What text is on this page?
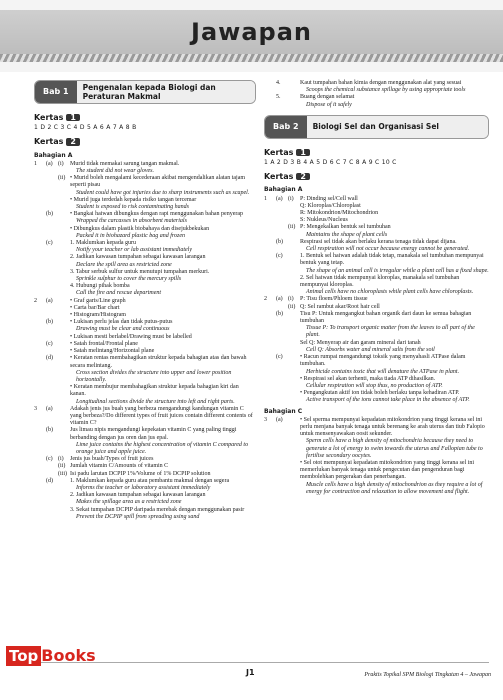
Jawapan
Bab 1	Pengenalan kepada Biologi dan Peraturan Makmal
Kertas 1
1 D 2 C 3 C 4 D 5 A 6 A 7 A 8 B
Kertas 2
Bahagian A
1	(a) (i)	Murid tidak memakai sarung tangan makmal.
The student did not wear gloves.
(ii) • Murid boleh mengalami kecederaan akibat mengendalikan alatan tajam seperti pisau
Student could have got injuries due to sharp instruments such as scapel.
• Murid juga terdedah kepada risiko tangan tercemar
Student is exposed to risk contaminating hands
(b)	• Bangkai haiwan dibungkus dengan rapi menggunakan bahan penyerap
Wrapped the carcasses in absorbent materials
• Dibungkus dalam plastik biobahaya dan disejukbekukan
Packed it in biohazard plastic bag and frozen
(c)	1. Maklumkan kepada guru
Notify your teacher or lab assistant immediately
2. Jadikan kawasan tumpahan sebagai kawasan larangan
Declare the spill area as restricted zone
3. Tabur serbuk sulfur untuk menutupi tumpahan merkuri.
Sprinkle sulphur to cover the mercury spills
4. Hubungi pihak bomba
Call the fire and rescue department
2	(a)	• Graf garis/Line graph
• Carta bar/Bar chart
• Histogram/Histogram
(b)	• Lukisan perlu jelas dan tidak putus-putus
Drawing must be clear and continuous
• Lukisan mesti berlabel/Drawing must be labelled
(c)	• Satah frontal/Frontal plane
• Satah melintang/Horizontal plane
(d)	• Keratan rentas membahagikan struktur kepada bahagian atas dan bawah secara melintang.
Cross section divides the structure into upper and lower position horizontally.
• Keratan membujur membahagikan struktur kepada bahagian kiri dan kanan.
Longitudinal sections divide the structure into left and right parts.
3	(a)	Adakah jenis jus buah yang berbeza mengandungi kandungan vitamin C yang berbeza?/Do different types of fruit juices contain different contents of vitamin C?
(b)	Jus limau nipis mengandungi kepekatan vitamin C yang paling tinggi berbanding dengan jus oren dan jus epal.
Lime juice contains the highest concentration of vitamin C compared to orange juice and apple juice.
(c) (i)	Jenis jus buah/Types of fruit juices
(ii) Jumlah vitamin C/Amounts of vitamin C
(iii) Isi padu larutan DCPIP 1%/Volume of 1% DCPIP solution
(d)	1. Maklumkan kepada guru atau pembantu makmal dengan segera
Informs the teacher or laboratory assistant immediately
2. Jadikan kawasan tumpahan sebagai kawasan larangan
Makes the spillage area as a restricted zone
3. Sekat tumpahan DCPIP daripada merebak dengan menggunakan pasir
Prevent the DCPIP spill from spreading using sand
4.	Kaut tumpahan bahan kimia dengan menggunakan alat yang sesuai
Scoops the chemical substance spillage by using appropriate tools
5.	Buang dengan selamat
Dispose of it safely
Bab 2	Biologi Sel dan Organisasi Sel
Kertas 1
1 A 2 D 3 B 4 A 5 D 6 C 7 C 8 A 9 C 10 C
Kertas 2
Bahagian A
1	(a) (i)	P: Dinding sel/Cell wall
Q: Kloroplas/Chloroplast
R: Mitokondrion/Mitochondrion
S: Nukleus/Nucleus
(ii) P: Mengekalkan bentuk sel tumbuhan
Maintains the shape of plant cells
(b)	Respirasi sel tidak akan berlaku kerana tenaga tidak dapat dijana.
Cell respiration will not occur because energy cannot be generated.
(c)	1. Bentuk sel haiwan adalah tidak tetap, manakala sel tumbuhan mempunyai bentuk yang tetap.
The shape of an animal cell is irregular while a plant cell has a fixed shape.
2. Sel haiwan tidak mempunyai kloroplas, manakala sel tumbuhan mempunyai kloroplas.
Animal cells have no chloroplasts while plant cells have chloroplasts.
2	(a) (i)	P: Tisu floem/Phloem tissue
(ii) Q: Sel rambut akar/Root hair cell
(b)	Tisu P: Untuk mengangkut bahan organik dari daun ke semua bahagian tumbuhan
Tissue P: To transport organic matter from the leaves to all part of the plant.
Sel Q: Menyerap air dan garam mineral dari tanah
Cell Q: Absorbs water and mineral salts from the soil
(c)	• Racun rumpai mengandungi toksik yang menyahasli ATPase dalam tumbuhan.
Herbicide contains toxic that will denature the ATPase in plant.
• Respirasi sel akan terhenti, maka tiada ATP dihasilkan.
Cellular respiration will stop thus, no production of ATP.
• Pengangkutan aktif ion tidak boleh berlaku tanpa kehadiran ATP.
Active transport of the ions cannot take place in the absence of ATP.
Bahagian C
3	(a)	• Sel sperma mempunyai kepadatan mitokondrion yang tinggi kerana sel ini perlu menjana banyak tenaga untuk berenang ke arah uterus dan tiub Falopio untuk mensenyawakan oosit sekunder.
Sperm cells have a high density of mitochondria because they need to generate a lot of energy to swim towards the uterus and Fallopian tube to fertilise secondary oocytes.
• Sel otot mempunyai kepadatan mitokondrion yang tinggi kerana sel ini memerlukan banyak tenaga untuk pengecutan dan pengenduran bagi membolehkan pergerakan dan penerbangan.
Muscle cells have a high density of mitochondrion as they require a lot of energy for contraction and relaxation to allow movement and flight.
Top Books
J1	Praktis Topikal SPM Biologi Tingkatan 4 – Jawapan
